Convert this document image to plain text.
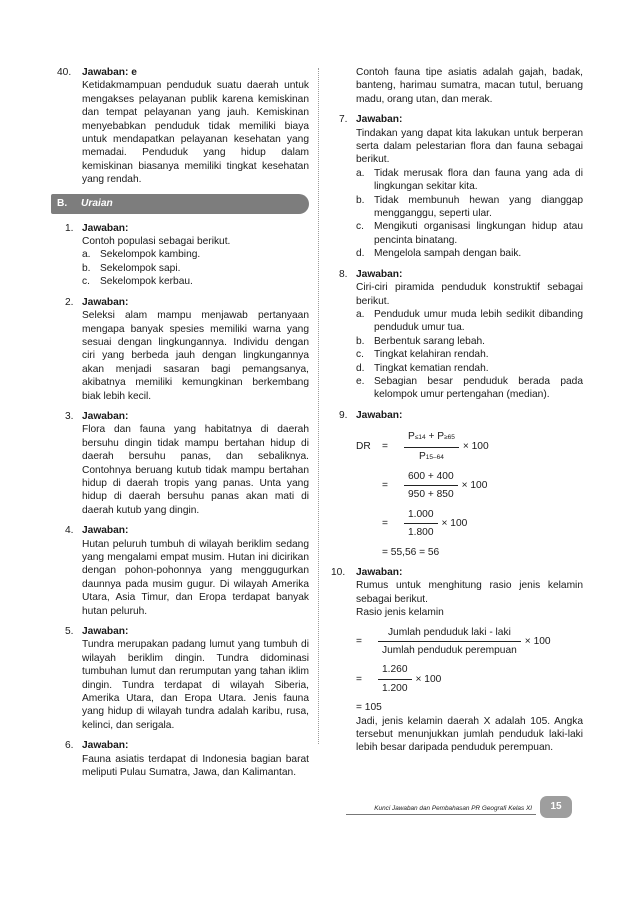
40. Jawaban: e
Ketidakmampuan penduduk suatu daerah untuk mengakses pelayanan publik karena kemiskinan dan tempat pelayanan yang jauh. Kemiskinan menyebabkan penduduk tidak memiliki biaya untuk mendapatkan pelayanan kesehatan yang memadai. Penduduk yang hidup dalam kemiskinan biasanya memiliki tingkat kesehatan yang rendah.
B. Uraian
1. Jawaban:
Contoh populasi sebagai berikut.
a. Sekelompok kambing.
b. Sekelompok sapi.
c. Sekelompok kerbau.
2. Jawaban:
Seleksi alam mampu menjawab pertanyaan mengapa banyak spesies memiliki warna yang sesuai dengan lingkungannya. Individu dengan ciri yang berbeda jauh dengan lingkungannya akan menjadi sasaran bagi pemangsanya, akibatnya memiliki kemungkinan berkembang biak lebih kecil.
3. Jawaban:
Flora dan fauna yang habitatnya di daerah bersuhu dingin tidak mampu bertahan hidup di daerah bersuhu panas, dan sebaliknya. Contohnya beruang kutub tidak mampu bertahan hidup di daerah tropis yang panas. Unta yang hidup di daerah bersuhu panas akan mati di daerah kutub yang dingin.
4. Jawaban:
Hutan peluruh tumbuh di wilayah beriklim sedang yang mengalami empat musim. Hutan ini dicirikan dengan pohon-pohonnya yang menggugurkan daunnya pada musim gugur. Di wilayah Amerika Utara, Asia Timur, dan Eropa terdapat banyak hutan peluruh.
5. Jawaban:
Tundra merupakan padang lumut yang tumbuh di wilayah beriklim dingin. Tundra didominasi tumbuhan lumut dan rerumputan yang tahan iklim dingin. Tundra terdapat di wilayah Siberia, Amerika Utara, dan Eropa Utara. Jenis fauna yang hidup di wilayah tundra adalah karibu, rusa, kelinci, dan serigala.
6. Jawaban:
Fauna asiatis terdapat di Indonesia bagian barat meliputi Pulau Sumatra, Jawa, dan Kalimantan.
Contoh fauna tipe asiatis adalah gajah, badak, banteng, harimau sumatra, macan tutul, beruang madu, orang utan, dan merak.
7. Jawaban:
Tindakan yang dapat kita lakukan untuk berperan serta dalam pelestarian flora dan fauna sebagai berikut.
a. Tidak merusak flora dan fauna yang ada di lingkungan sekitar kita.
b. Tidak membunuh hewan yang dianggap mengganggu, seperti ular.
c. Mengikuti organisasi lingkungan hidup atau pencinta binatang.
d. Mengelola sampah dengan baik.
8. Jawaban:
Ciri-ciri piramida penduduk konstruktif sebagai berikut.
a. Penduduk umur muda lebih sedikit dibanding penduduk umur tua.
b. Berbentuk sarang lebah.
c. Tingkat kelahiran rendah.
d. Tingkat kematian rendah.
e. Sebagian besar penduduk berada pada kelompok umur pertengahan (median).
9. Jawaban:
DR	=	$\frac{P\le 14 + P\ge 65}{P15-64} \times 100$
=	$\frac{600 + 400}{950 + 850} \times 100$
=	$\frac{1.000}{1.800} \times 100$
= 55,56 = 56
10. Jawaban:
Rumus untuk menghitung rasio jenis kelamin sebagai berikut.
Rasio jenis kelamin
=	$\frac{\text{Jumlah penduduk laki - laki}}{\text{Jumlah penduduk perempuan}} \times 100$
=	$\frac{1.260}{1.200} \times 100$
= 105
Jadi, jenis kelamin daerah X adalah 105. Angka tersebut menunjukkan jumlah penduduk laki-laki lebih besar daripada penduduk perempuan.
Kunci Jawaban dan Pembahasan PR Geografi Kelas XI	15
